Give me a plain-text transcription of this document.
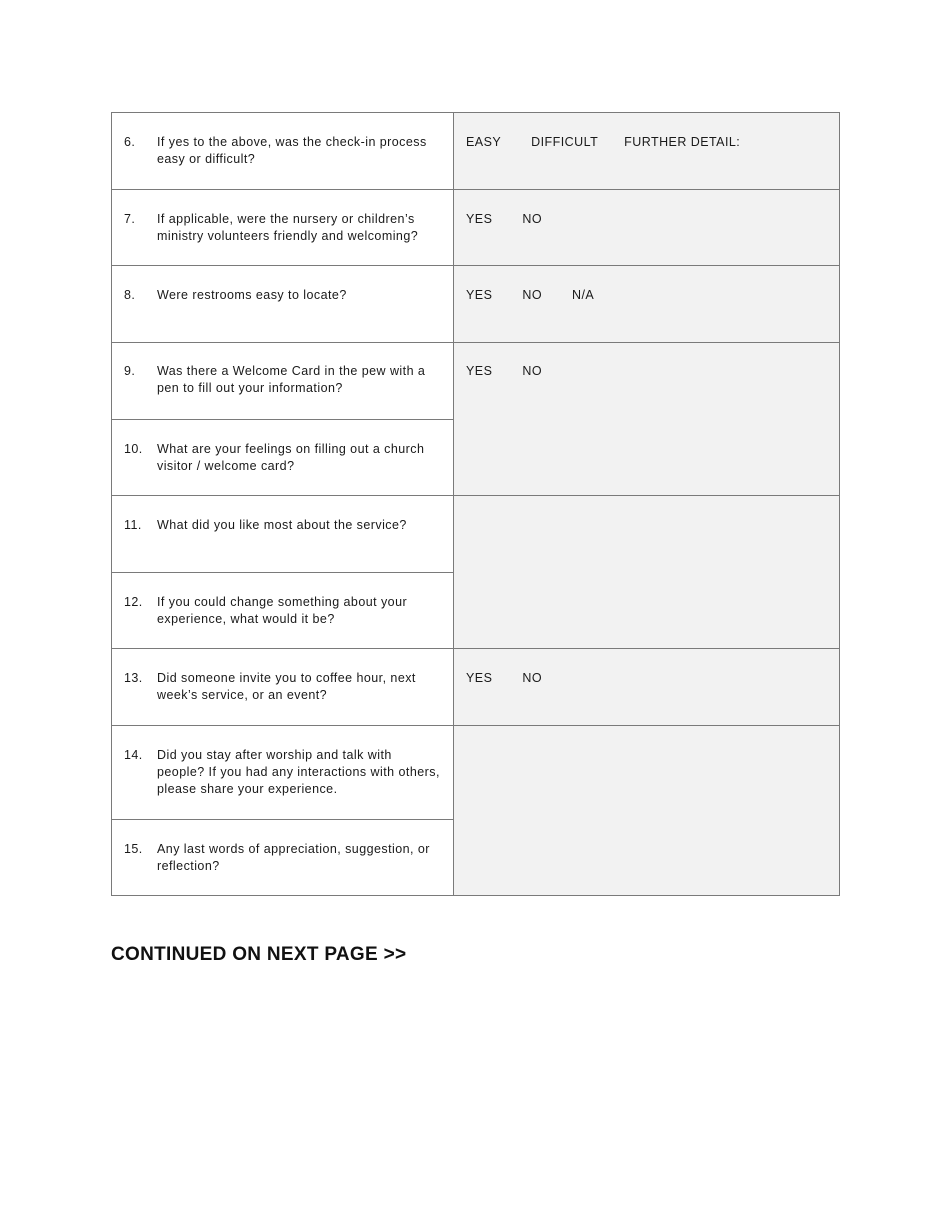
6. If yes to the above, was the check-in process easy or difficult?	EASY DIFFICULT FURTHER DETAIL:

7. If applicable, were the nursery or children’s ministry volunteers friendly and welcoming?	YES NO

8. Were restrooms easy to locate?	YES NO N/A

9. Was there a Welcome Card in the pew with a pen to fill out your information?	YES NO

10. What are your feelings on filling out a church visitor / welcome card?	

11. What did you like most about the service?	

12. If you could change something about your experience, what would it be?	

13. Did someone invite you to coffee hour, next week’s service, or an event?	YES NO

14. Did you stay after worship and talk with people? If you had any interactions with others, please share your experience.	

15. Any last words of appreciation, suggestion, or reflection?	

CONTINUED ON NEXT PAGE >>
